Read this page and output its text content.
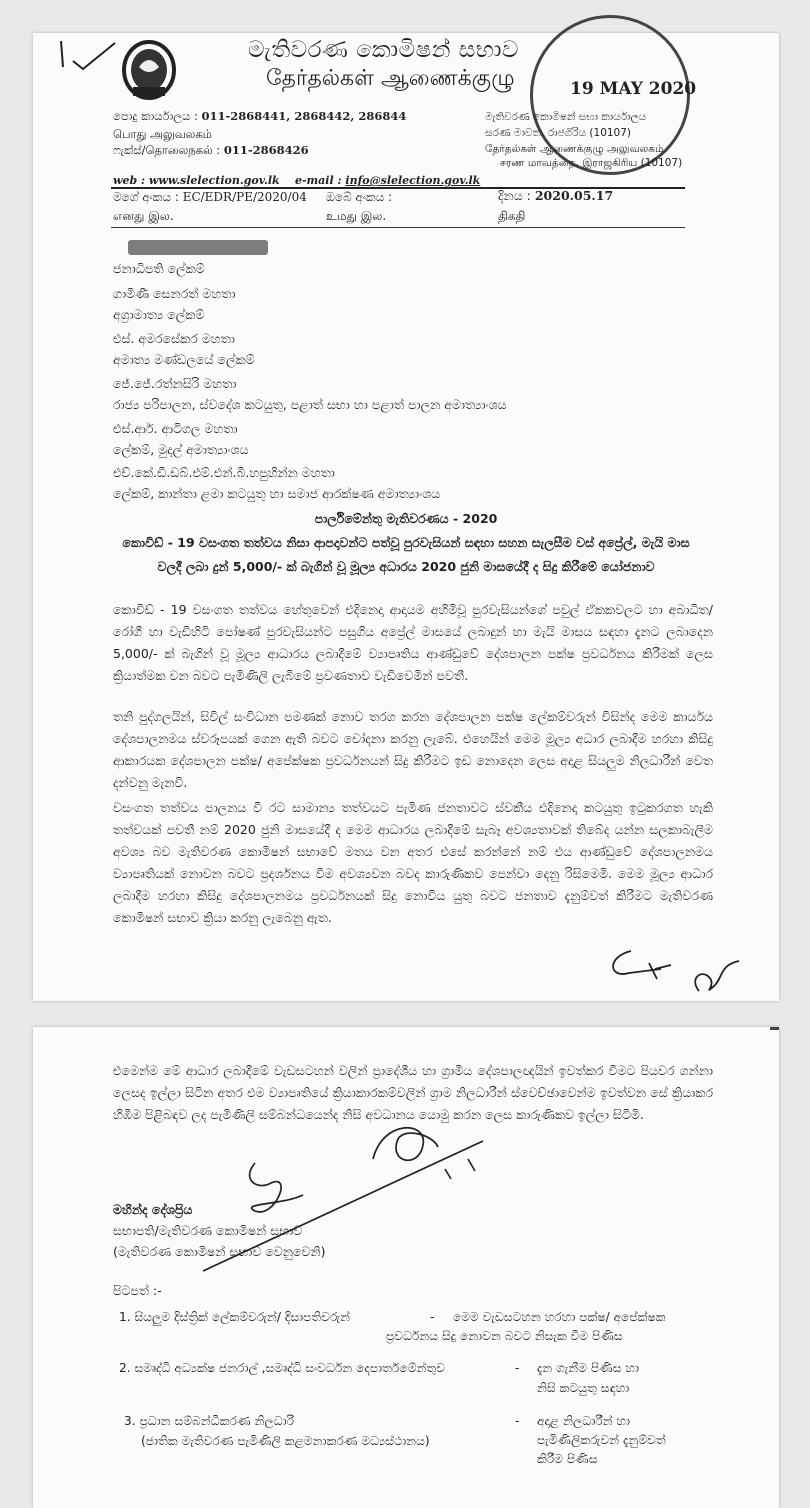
මැතිවරණ කොමිෂන් සභාව
தேர்தல்கள் ஆணைக்குழு	19 MAY 2020
පොදු කාර්යාලය : 011-2868441, 2868442, 286844
பொது அலுவலகம்
ෆැක්ස්/தொலைநகல் : 011-2868426
මැතිවරණ කොමිෂන් සභා කාර්යාලය
සරණ මාවත, රාජගිරිය (10107)
தேர்தல்கள் ஆணைக்குழு அலுவலகம்
சரண மாவத்தை, இராஜகிரிய (10107)
web : www.slelection.gov.lk e-mail : info@slelection.gov.lk
මගේ අංකය : EC/EDR/PE/2020/04
எனது இல.
ඔබේ අංකය :
உமது இல.
දිනය : 2020.05.17
திகதி
ජනාධිපති ලේකම්
ගාමිණී සෙනරත් මහතා
අග්‍රාමාත්‍ය ලේකම්
එස්. අමරසේකර මහතා
අමාත්‍ය මණ්ඩලයේ ලේකම්
ජේ.ජේ.රත්නසිරි මහතා
රාජ්‍ය පරිපාලන, ස්වදේශ කටයුතු, පළාත් සභා හා පළාත් පාලන අමාත්‍යාංශය
එස්.ආර්. ආටිගල මහතා
ලේකම්, මුදල් අමාත්‍යාංශය
එච්.කේ.ඩී.ඩබ්.එම්.එන්.බී.හපුහින්න මහතා
ලේකම්, කාන්තා ළමා කටයුතු හා සමාජ ආරක්ෂණ අමාත්‍යාංශය
පාර්ලිමේන්තු මැතිවරණය - 2020
කොවිඩ් - 19 වසංගත තත්වය නිසා ආපදාවන්ට පත්වූ පුරවැසියන් සඳහා සහන සැලසීම වස් අප්‍රේල්, මැයි මාස වලදී ලබා දුන් 5,000/- ක් බැගින් වූ මූල්‍ය අධාරය 2020 ජුනි මාසයේදී ද සිදු කිරීමේ යෝජනාව
කොවිඩ් - 19 වසංගත තත්වය හේතුවෙන් එදිනෙදා ආදායම අහිමිවූ පුරවැසියන්ගේ පවුල් ඒකකවලට හා අබාධිත/ රෝගී හා වැඩිහිටි පෝෂණ් පුරවැසියන්ට පසුගිය අප්‍රේල් මාසයේ ලබාදුන් හා මැයි මාසය සඳහා දැනට ලබාදෙන 5,000/- ක් බැගින් වූ මූල්‍ය ආධාරය ලබාදීමේ ව්‍යාපෘතිය ආණ්ඩුවේ දේශපාලන පක්ෂ ප්‍රවර්ධනය කිරීමක් ලෙස ක්‍රියාත්මක වන බවට පැමිණිලි ලැබීමේ ප්‍රවණතාව වැඩිවෙමින් පවතී.
තනි පුද්ගලයින්, සිවිල් සංවිධාන පමණක් නොව තරග කරන දේශපාලන පක්ෂ ලේකම්වරුන් විසින්ද මෙම කාර්යය දේශපාලනමය ස්වරූපයක් ගෙන ඇති බවට චෝදනා කරනු ලැබේ. එහෙයින් මෙම මූල්‍ය අධාර ලබාදීම හරහා කිසිදු ආකාරයක දේශපාලන පක්ෂ/ අපේක්ෂක ප්‍රවර්ධනයන් සිදු කිරීමට ඉඩ නොදෙන ලෙස අදාළ සියලුම නිලධාරීන් වෙත දන්වනු මැනවි.
වසංගත තත්වය පාලනය වී රට සාමාන්‍ය තත්වයට පැමිණ ජනතාවට ස්වකීය එදිනෙදා කටයුතු ඉටුකරගත හැකි තත්වයක් පවතී නම් 2020 ජුනි මාසයේදී ද මෙම ආධාරය ලබාදීමේ සැබෑ අවශ්‍යතාවක් තිබේද යන්න සලකාබැලීම අවශ්‍ය බව මැතිවරණ කොමිෂන් සභාවේ මතය වන අතර එසේ කරන්නේ නම් එය ආණ්ඩුවේ දේශපාලනමය ව්‍යාපෘතියක් නොවන බවට ප්‍රදර්ශනය වීම අවශ්‍යවන බවද කාරුණිකව පෙන්වා දෙනු රිසිමෙමි. මෙම මූල්‍ය ආධාර ලබාදීම හරහා කිසිදු දේශපාලනමය ප්‍රවර්ධනයක් සිදු නොවිය යුතු බවට ජනතාව දැනුම්වත් කිරීමට මැතිවරණ කොමිෂන් සභාව ක්‍රියා කරනු ලැබෙනු ඇත.
එමෙන්ම මේ ආධාර ලබාදීමේ වැඩසටහන් වලින් ප්‍රාදේශීය හා ග්‍රාමීය දේශපාලඥයින් ඉවත්කර වීමට පියවර ගන්නා ලෙසද ඉල්ලා සිටින අතර එම ව්‍යාපෘතියේ ක්‍රියාකාරකම්වලින් ග්‍රාම නිලධාරීන් ස්වෙච්ඡාවෙන්ම ඉවත්වන සේ ක්‍රියාකර හිඹීම පිළිබඳව ලද පැමිණිලි සම්බන්ධයෙන්ද නිසි අවධානය යොමු කරන ලෙස කාරුණිකව ඉල්ලා සිටිමි.
මහින්ද දේශප්‍රිය
සභාපති/මැතිවරණ කොමිෂන් සභාව
(මැතිවරණ කොමිෂන් සභාව වෙනුවෙනි)
පිටපත් :-
1. සියලුම දිස්ත්‍රික් ලේකම්වරුන්/ දිසාපතිවරුන්	- මෙම වැඩසටහන හරහා පක්ෂ/ අපේක්ෂක
ප්‍රවර්ධනය සිදු නොවන බවට නිසැක වීම පිණිස
2. සමෘද්ධි අධ්‍යක්ෂ ජනරාල් ,සමෘද්ධි සංවර්ධන දෙපාර්තමේන්තුව	- දැන ගැනීම පිණිස හා
නිසි කටයුතු සඳහා
3. ප්‍රධාන සම්බන්ධීකරණ නිලධාරි
(ජාතික මැතිවරණ පැමිණිලි කළමනාකරණ මධ්‍යස්ථානය)
- අදාළ නිලධාරීන් හා
පැමිණිලිකරුවන් දැනුම්වත්
කිරීම පිණිස
